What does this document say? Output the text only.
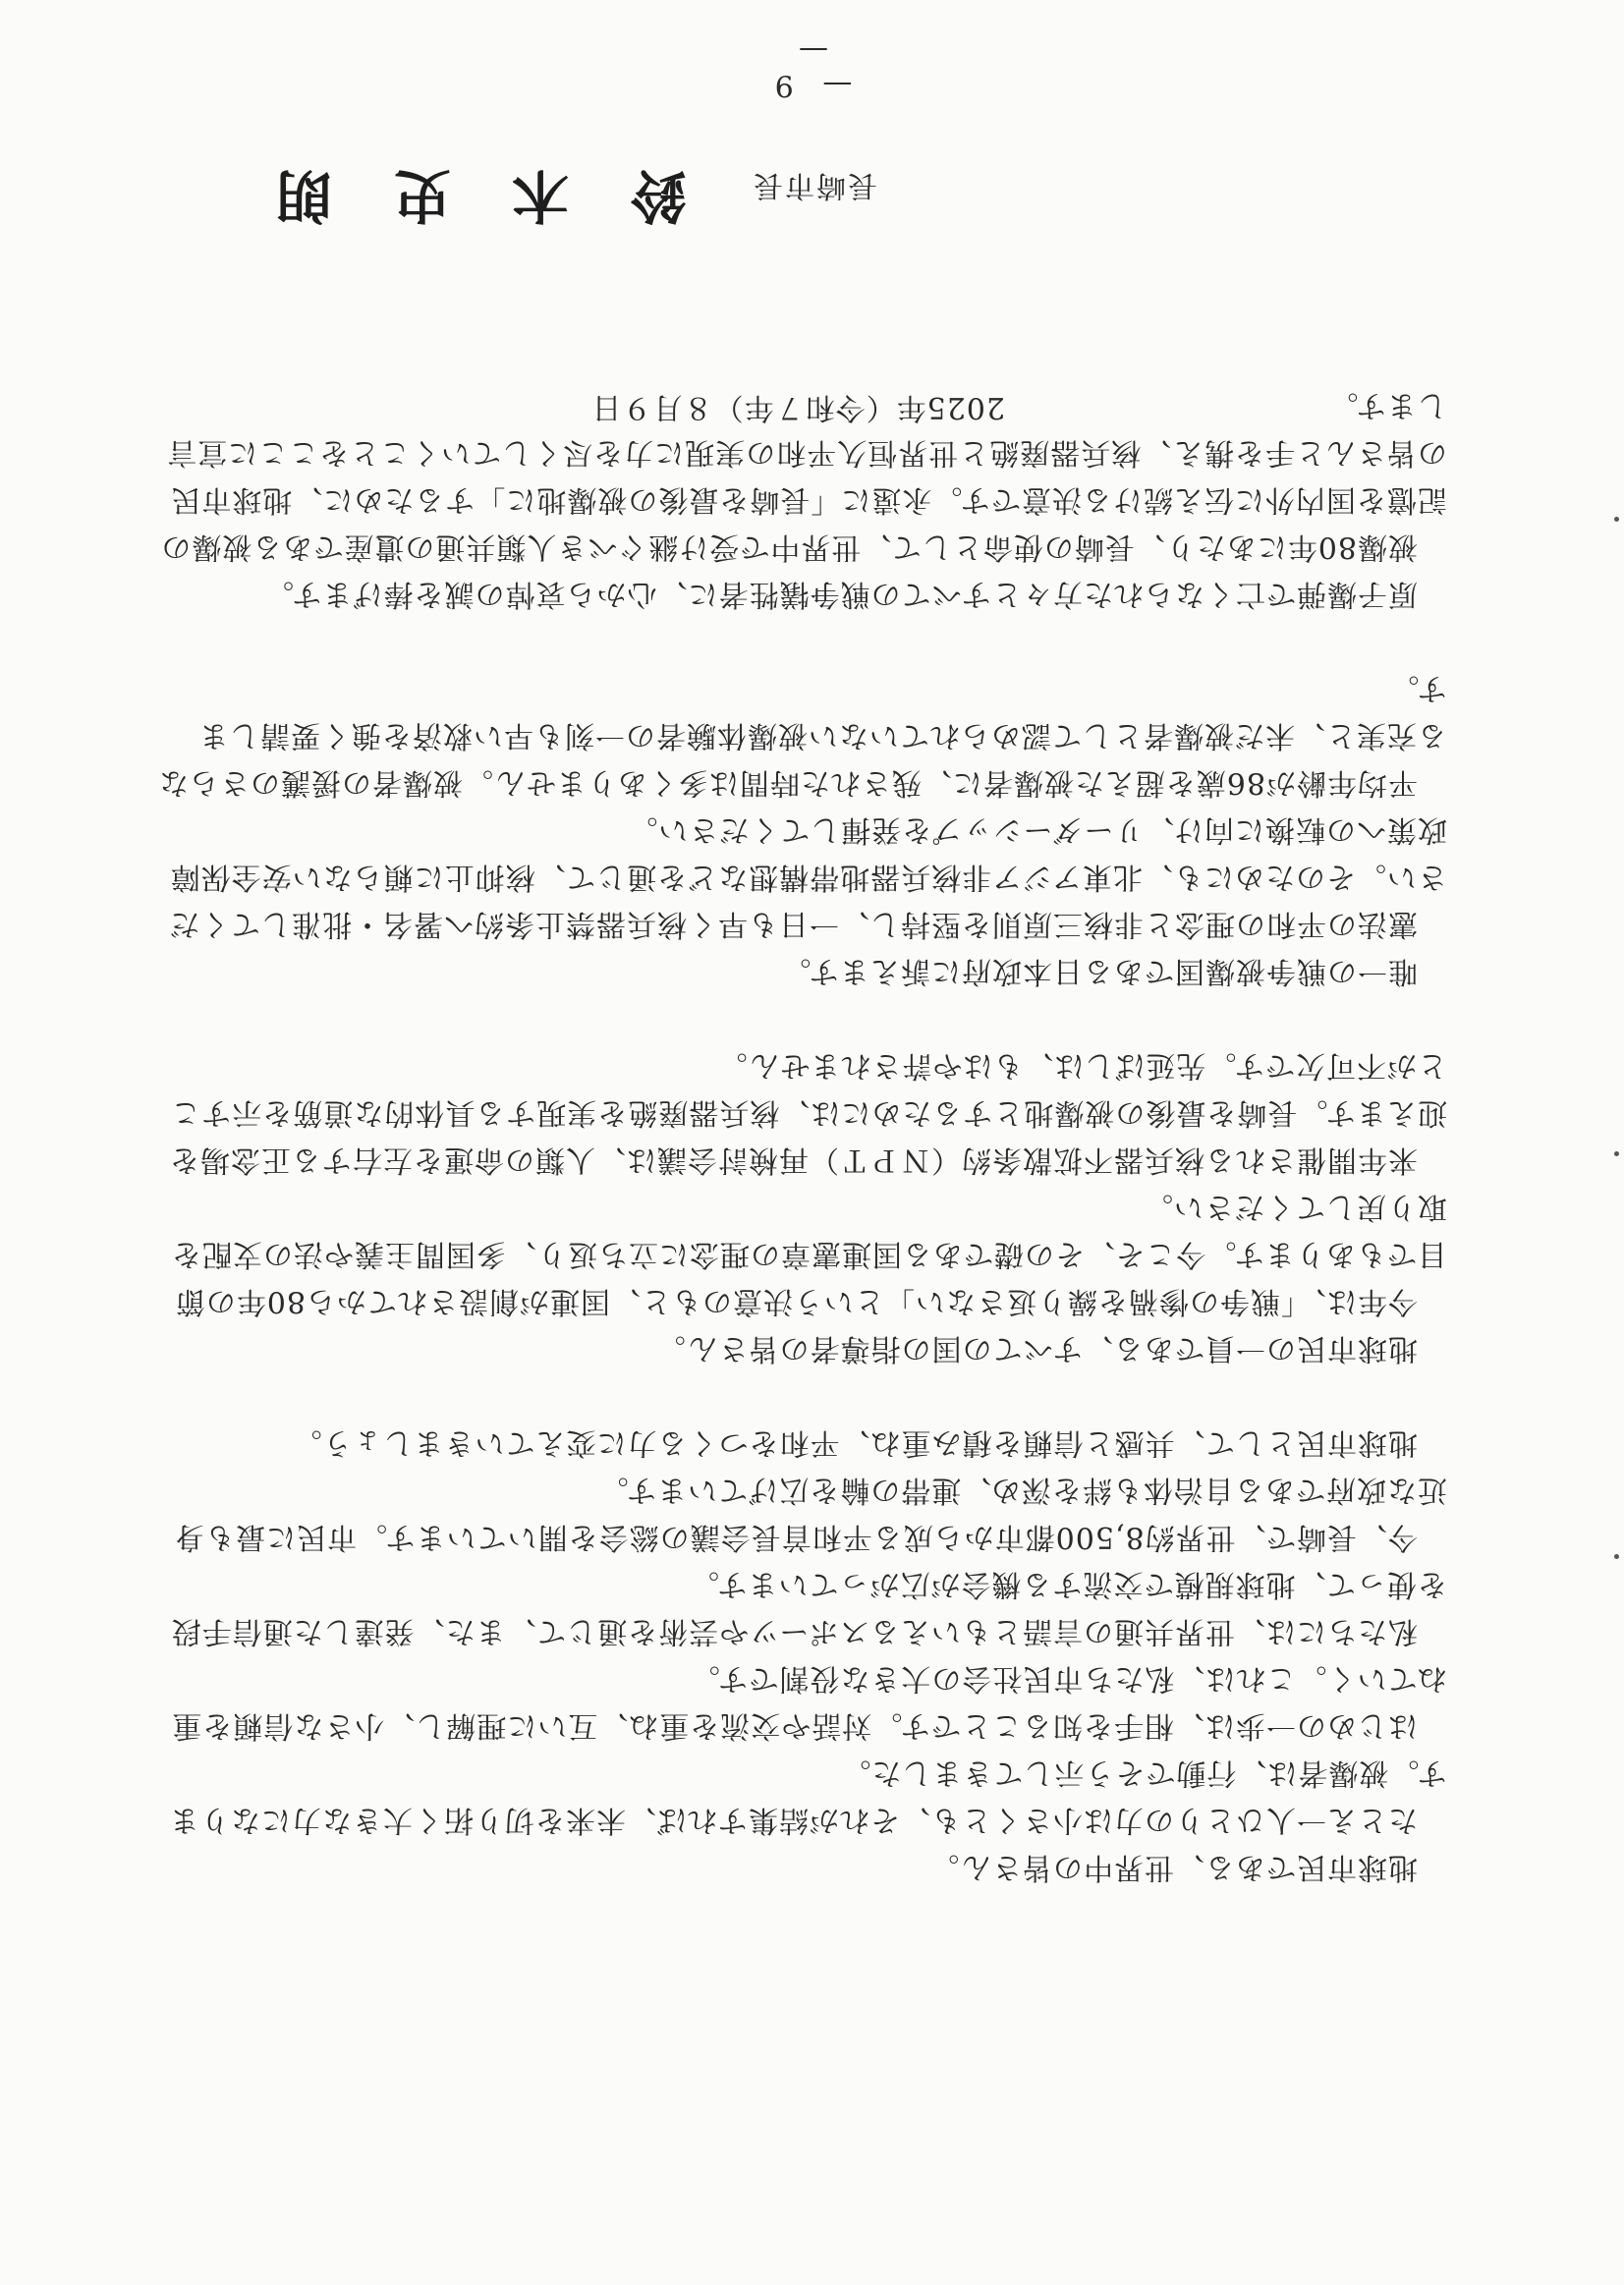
— 9 —

地球市民である、世界中の皆さん。

たとえ一人ひとりの力は小さくとも、それが結集すれば、未来を切り拓く大きな力になります。被爆者は、行動でそう示してきました。

はじめの一歩は、相手を知ることです。対話や交流を重ね、互いに理解し、小さな信頼を重ねていく。これは、私たち市民社会の大きな役割です。

私たちには、世界共通の言語ともいえるスポーツや芸術を通じて、また、発達した通信手段を使って、地球規模で交流する機会が広がっています。

今、長崎で、世界約8,500都市から成る平和首長会議の総会を開いています。市民に最も身近な政府である自治体も絆を深め、連帯の輪を広げています。

地球市民として、共感と信頼を積み重ね、平和をつくる力に変えていきましょう。

地球市民の一員である、すべての国の指導者の皆さん。

今年は、「戦争の惨禍を繰り返さない」という決意のもと、国連が創設されてから80年の節目でもあります。今こそ、その礎である国連憲章の理念に立ち返り、多国間主義や法の支配を取り戻してください。

来年開催される核兵器不拡散条約（ＮＰＴ）再検討会議は、人類の命運を左右する正念場を迎えます。長崎を最後の被爆地とするためには、核兵器廃絶を実現する具体的な道筋を示すことが不可欠です。先延ばしは、もはや許されません。

唯一の戦争被爆国である日本政府に訴えます。

憲法の平和の理念と非核三原則を堅持し、一日も早く核兵器禁止条約へ署名・批准してください。そのためにも、北東アジア非核兵器地帯構想などを通じて、核抑止に頼らない安全保障政策への転換に向け、リーダーシップを発揮してください。

平均年齢が86歳を超えた被爆者に、残された時間は多くありません。被爆者の援護のさらなる充実と、未だ被爆者として認められていない被爆体験者の一刻も早い救済を強く要請します。

原子爆弾で亡くなられた方々とすべての戦争犠牲者に、心から哀悼の誠を捧げます。

被爆80年にあたり、長崎の使命として、世界中で受け継ぐべき人類共通の遺産である被爆の記憶を国内外に伝え続ける決意です。永遠に「長崎を最後の被爆地に」するために、地球市民の皆さんと手を携え、核兵器廃絶と世界恒久平和の実現に力を尽くしていくことをここに宣言します。

2025年（令和７年）８月９日
長崎市長
鈴木史朗
